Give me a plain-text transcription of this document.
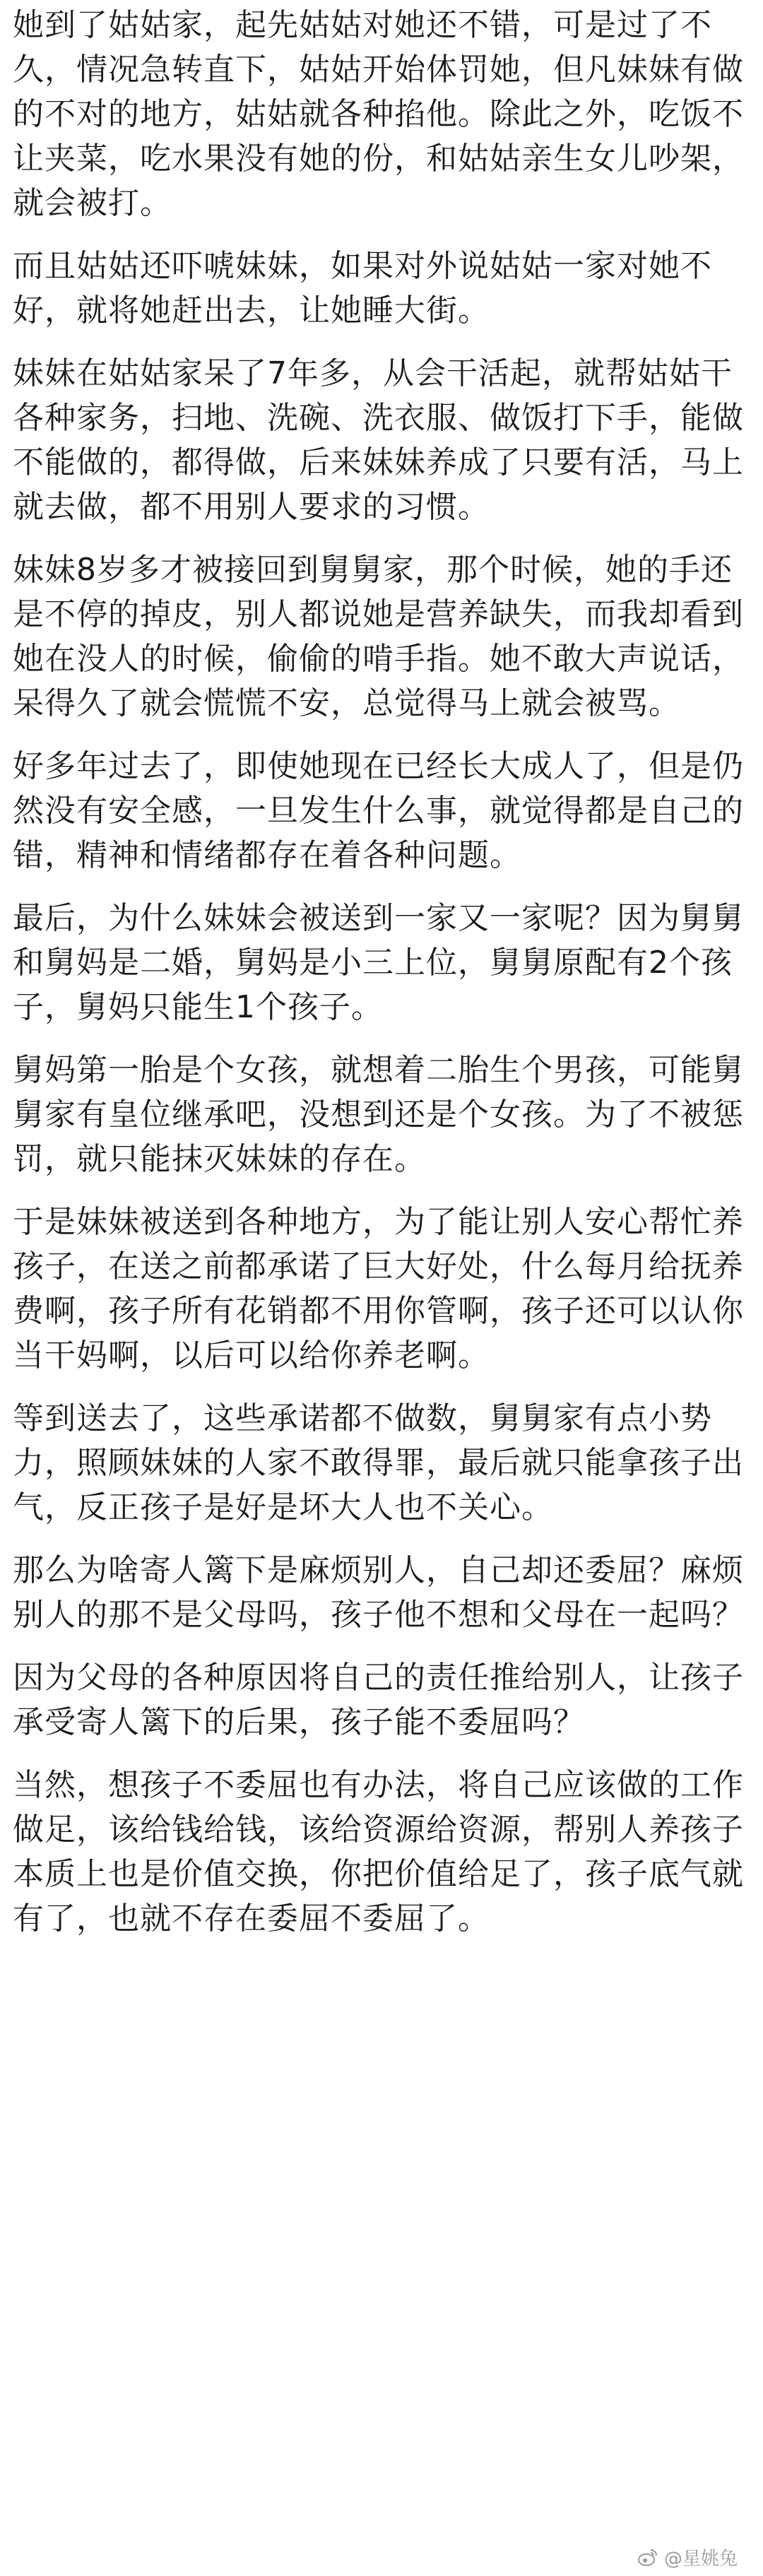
她到了姑姑家，起先姑姑对她还不错，可是过了不久，情况急转直下，姑姑开始体罚她，但凡妹妹有做的不对的地方，姑姑就各种掐他。除此之外，吃饭不让夹菜，吃水果没有她的份，和姑姑亲生女儿吵架，就会被打。

而且姑姑还吓唬妹妹，如果对外说姑姑一家对她不好，就将她赶出去，让她睡大街。

妹妹在姑姑家呆了7年多，从会干活起，就帮姑姑干各种家务，扫地、洗碗、洗衣服、做饭打下手，能做不能做的，都得做，后来妹妹养成了只要有活，马上就去做，都不用别人要求的习惯。

妹妹8岁多才被接回到舅舅家，那个时候，她的手还是不停的掉皮，别人都说她是营养缺失，而我却看到她在没人的时候，偷偷的啃手指。她不敢大声说话，呆得久了就会慌慌不安，总觉得马上就会被骂。

好多年过去了，即使她现在已经长大成人了，但是仍然没有安全感，一旦发生什么事，就觉得都是自己的错，精神和情绪都存在着各种问题。

最后，为什么妹妹会被送到一家又一家呢？因为舅舅和舅妈是二婚，舅妈是小三上位，舅舅原配有2个孩子，舅妈只能生1个孩子。

舅妈第一胎是个女孩，就想着二胎生个男孩，可能舅舅家有皇位继承吧，没想到还是个女孩。为了不被惩罚，就只能抹灭妹妹的存在。

于是妹妹被送到各种地方，为了能让别人安心帮忙养孩子，在送之前都承诺了巨大好处，什么每月给抚养费啊，孩子所有花销都不用你管啊，孩子还可以认你当干妈啊，以后可以给你养老啊。

等到送去了，这些承诺都不做数，舅舅家有点小势力，照顾妹妹的人家不敢得罪，最后就只能拿孩子出气，反正孩子是好是坏大人也不关心。

那么为啥寄人篱下是麻烦别人，自己却还委屈？麻烦别人的那不是父母吗，孩子他不想和父母在一起吗？

因为父母的各种原因将自己的责任推给别人，让孩子承受寄人篱下的后果，孩子能不委屈吗？

当然，想孩子不委屈也有办法，将自己应该做的工作做足，该给钱给钱，该给资源给资源，帮别人养孩子本质上也是价值交换，你把价值给足了，孩子底气就有了，也就不存在委屈不委屈了。

@星姚兔
